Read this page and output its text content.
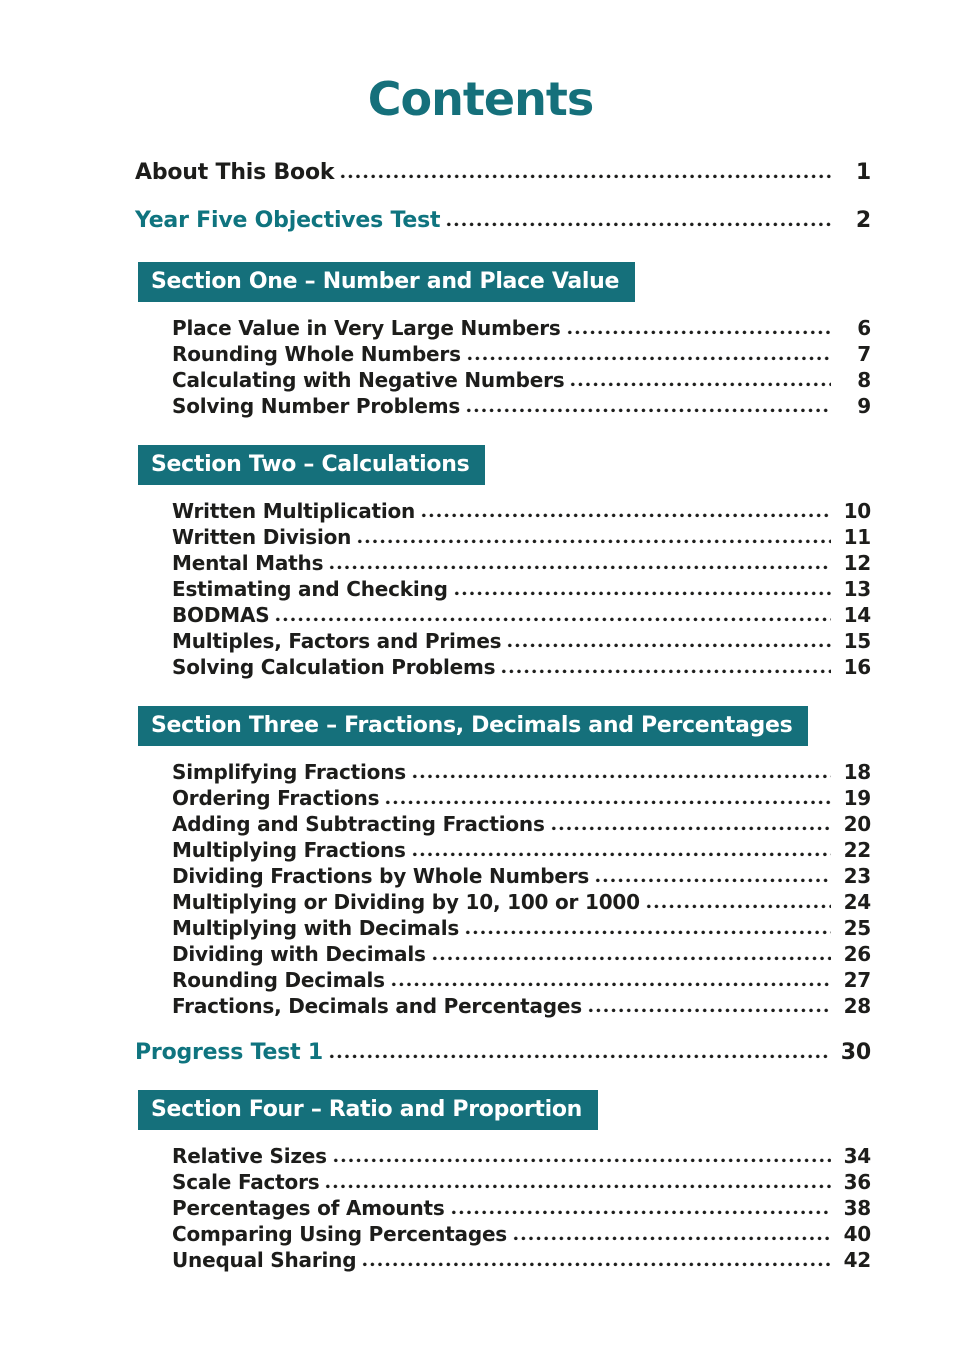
Contents
About This Book	1
Year Five Objectives Test	2
Section One – Number and Place Value
Place Value in Very Large Numbers	6
Rounding Whole Numbers	7
Calculating with Negative Numbers	8
Solving Number Problems	9
Section Two – Calculations
Written Multiplication	10
Written Division	11
Mental Maths	12
Estimating and Checking	13
BODMAS	14
Multiples, Factors and Primes	15
Solving Calculation Problems	16
Section Three – Fractions, Decimals and Percentages
Simplifying Fractions	18
Ordering Fractions	19
Adding and Subtracting Fractions	20
Multiplying Fractions	22
Dividing Fractions by Whole Numbers	23
Multiplying or Dividing by 10, 100 or 1000	24
Multiplying with Decimals	25
Dividing with Decimals	26
Rounding Decimals	27
Fractions, Decimals and Percentages	28
Progress Test 1	30
Section Four – Ratio and Proportion
Relative Sizes	34
Scale Factors	36
Percentages of Amounts	38
Comparing Using Percentages	40
Unequal Sharing	42
